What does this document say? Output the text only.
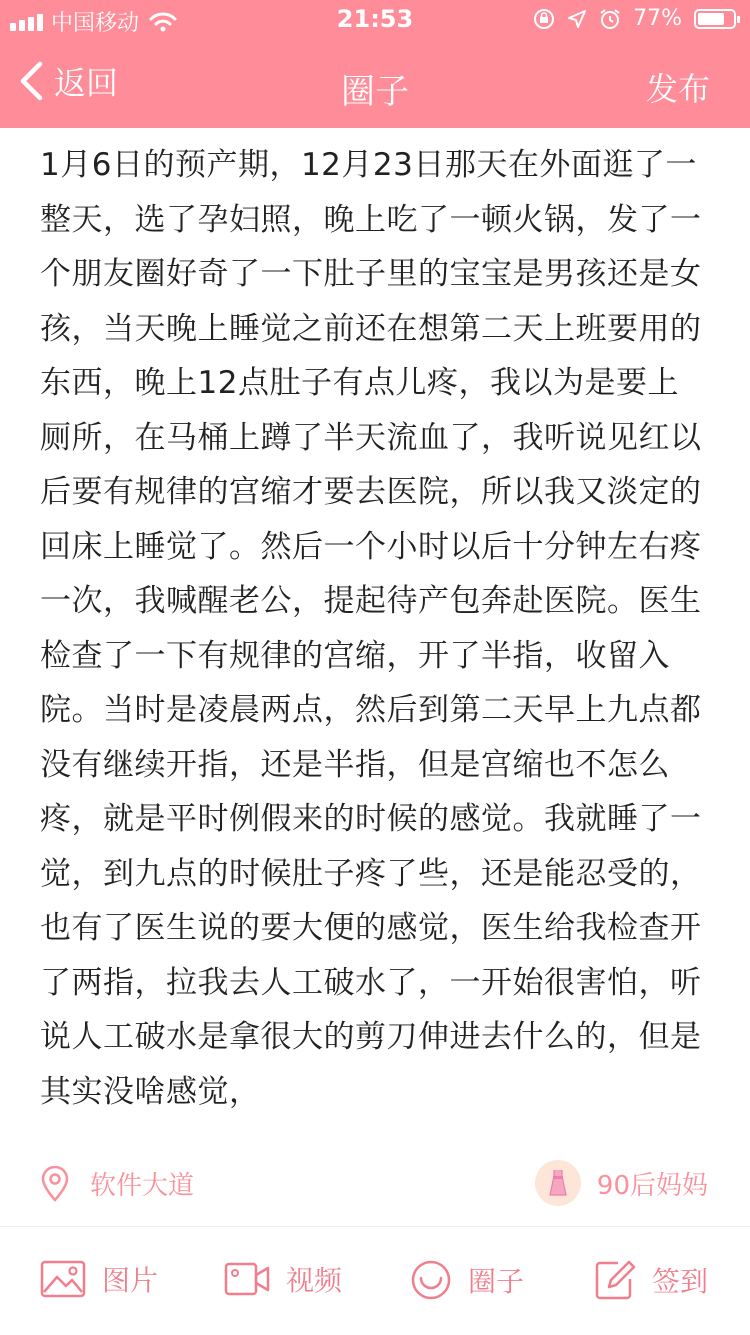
中国移动	21:53	77%
返回	圈子	发布
1月6日的预产期，12月23日那天在外面逛了一整天，选了孕妇照，晚上吃了一顿火锅，发了一个朋友圈好奇了一下肚子里的宝宝是男孩还是女孩，当天晚上睡觉之前还在想第二天上班要用的东西，晚上12点肚子有点儿疼，我以为是要上厕所，在马桶上蹲了半天流血了，我听说见红以后要有规律的宫缩才要去医院，所以我又淡定的回床上睡觉了。然后一个小时以后十分钟左右疼一次，我喊醒老公，提起待产包奔赴医院。医生检查了一下有规律的宫缩，开了半指，收留入院。当时是凌晨两点，然后到第二天早上九点都没有继续开指，还是半指，但是宫缩也不怎么疼，就是平时例假来的时候的感觉。我就睡了一觉，到九点的时候肚子疼了些，还是能忍受的，也有了医生说的要大便的感觉，医生给我检查开了两指，拉我去人工破水了，一开始很害怕，听说人工破水是拿很大的剪刀伸进去什么的，但是其实没啥感觉，
软件大道	90后妈妈
图片	视频	圈子	签到
